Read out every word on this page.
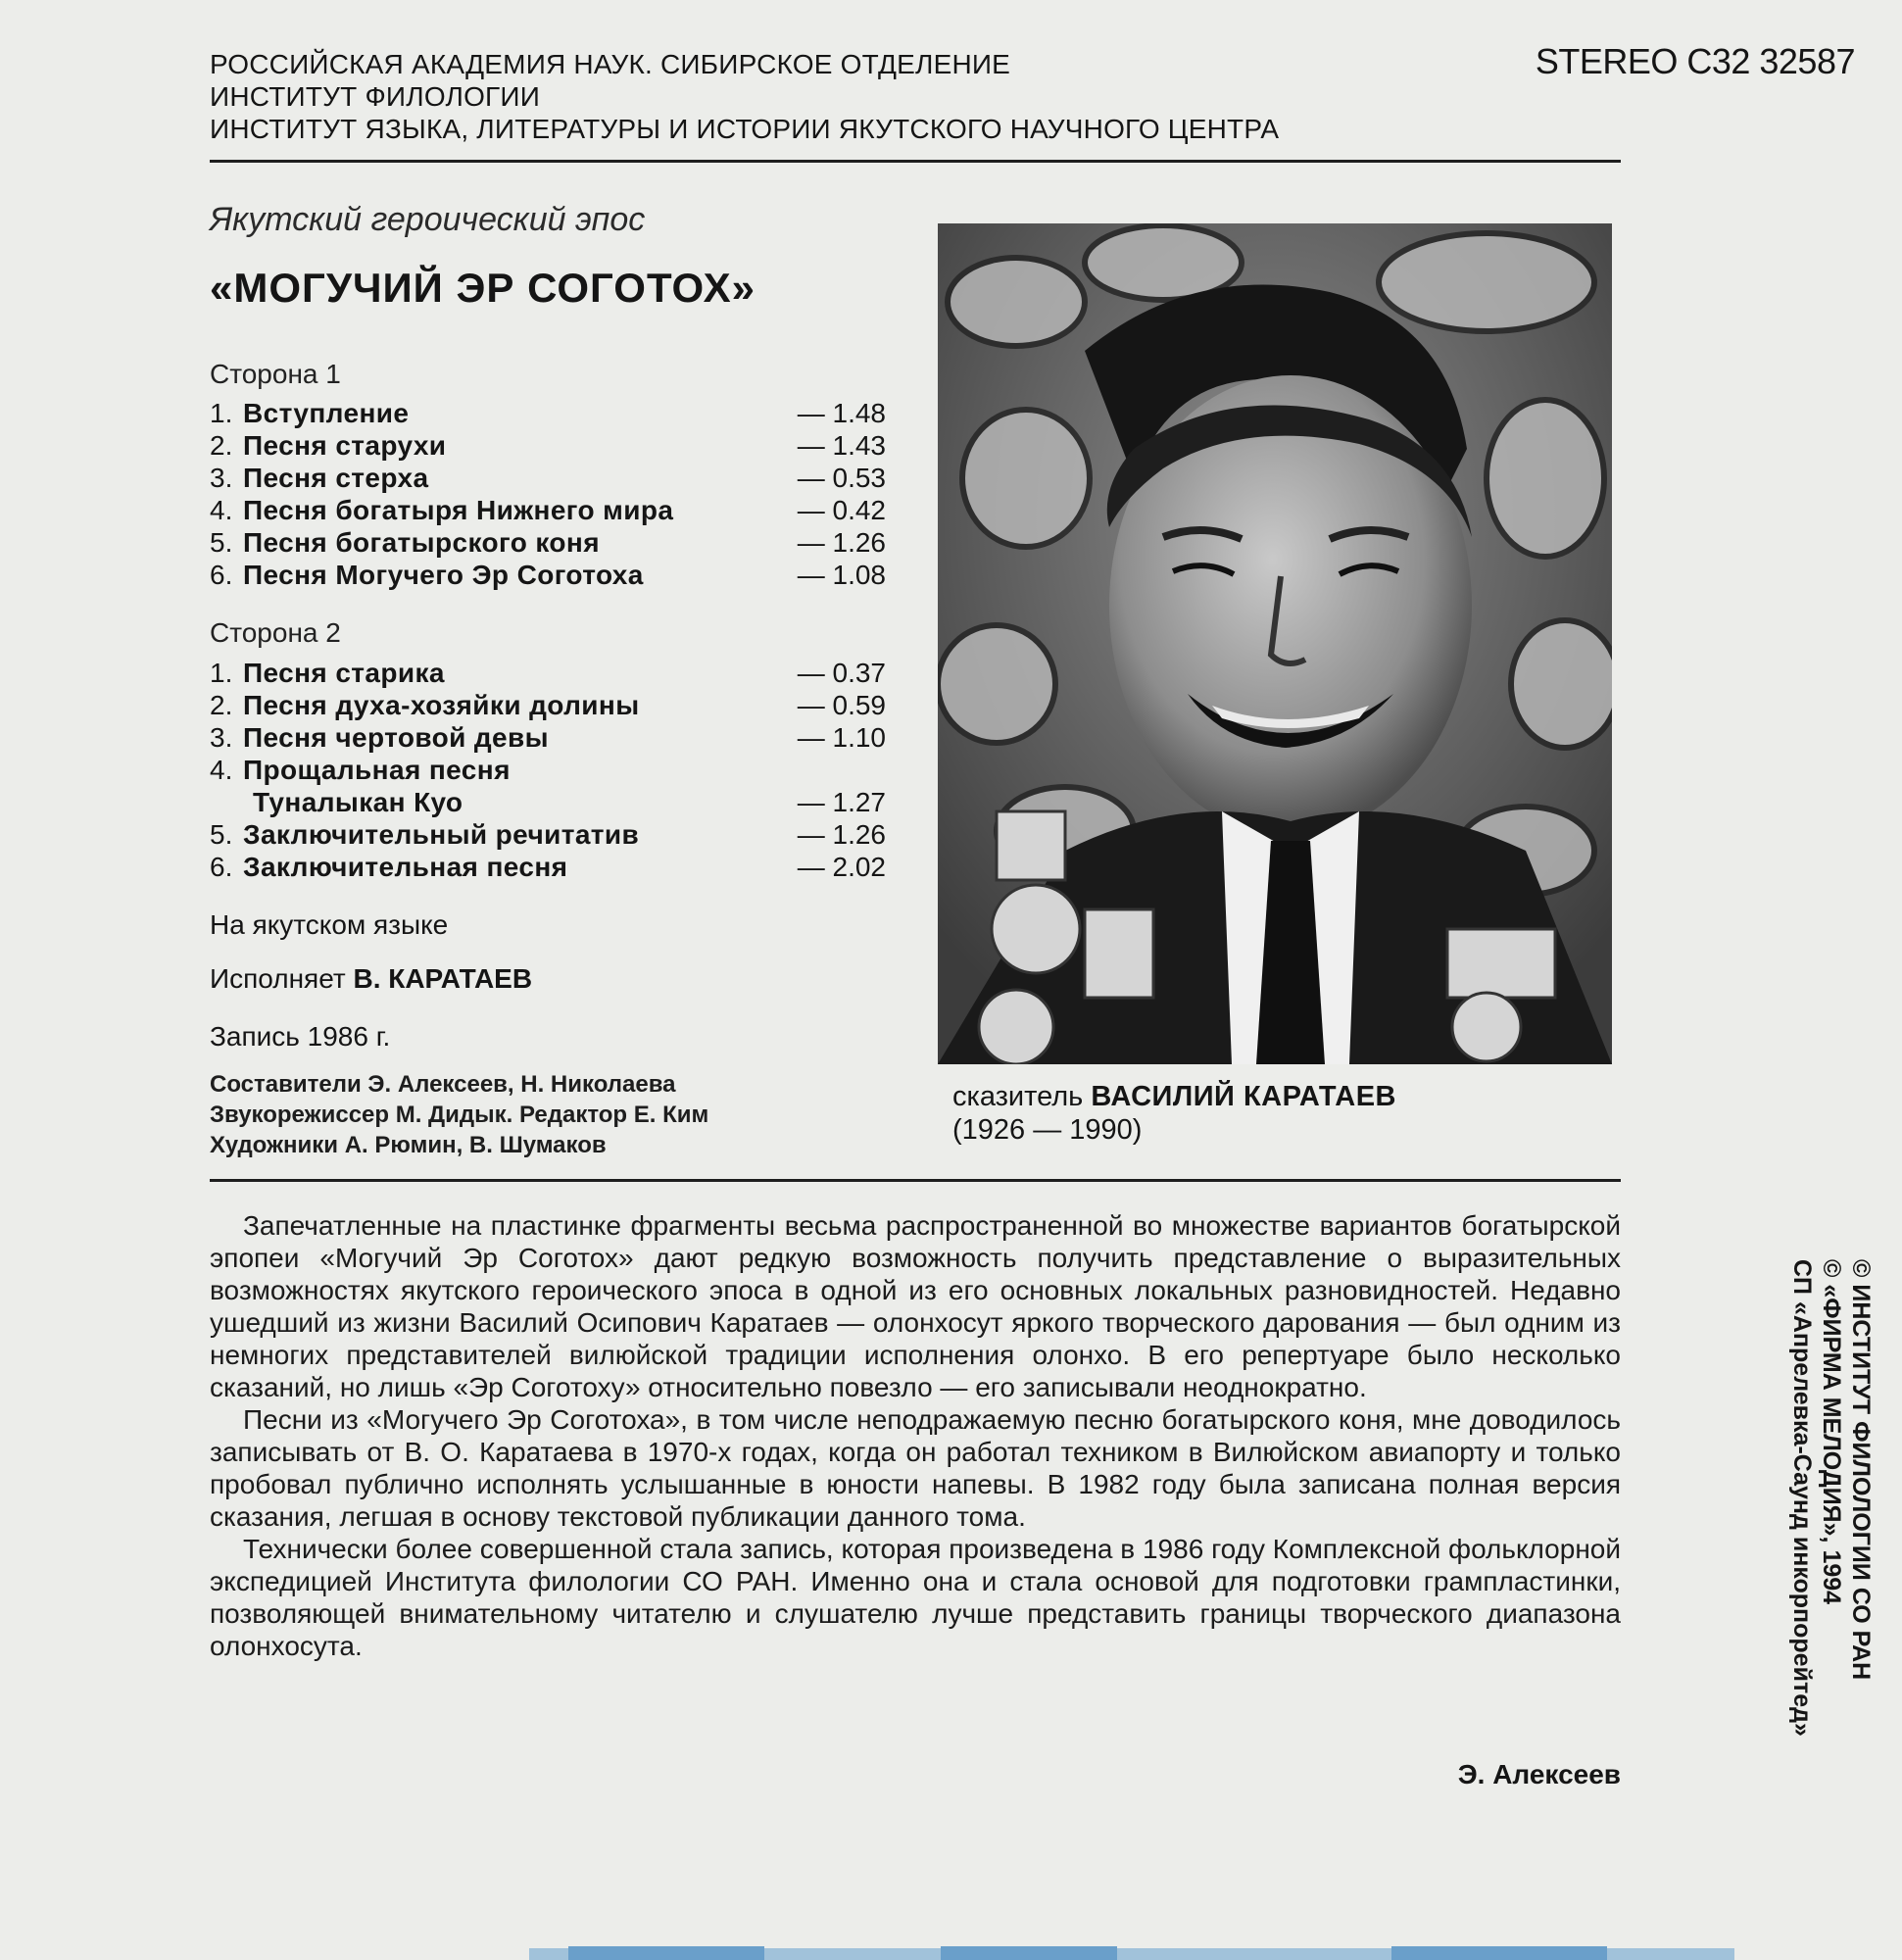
РОССИЙСКАЯ АКАДЕМИЯ НАУК. СИБИРСКОЕ ОТДЕЛЕНИЕ
ИНСТИТУТ ФИЛОЛОГИИ
ИНСТИТУТ ЯЗЫКА, ЛИТЕРАТУРЫ И ИСТОРИИ ЯКУТСКОГО НАУЧНОГО ЦЕНТРА
STEREO C32 32587
Якутский героический эпос
«МОГУЧИЙ ЭР СОГОТОХ»
Сторона 1
1. Вступление	— 1.48
2. Песня старухи	— 1.43
3. Песня стерха	— 0.53
4. Песня богатыря Нижнего мира	— 0.42
5. Песня богатырского коня	— 1.26
6. Песня Могучего Эр Соготоха	— 1.08
Сторона 2
1. Песня старика	— 0.37
2. Песня духа-хозяйки долины	— 0.59
3. Песня чертовой девы	— 1.10
4. Прощальная песня
Туналыкан Куо	— 1.27
5. Заключительный речитатив	— 1.26
6. Заключительная песня	— 2.02
На якутском языке
Исполняет В. КАРАТАЕВ
Запись 1986 г.
Составители Э. Алексеев, Н. Николаева
Звукорежиссер М. Дидык. Редактор Е. Ким
Художники А. Рюмин, В. Шумаков
сказитель ВАСИЛИЙ КАРАТАЕВ
(1926 — 1990)

Запечатленные на пластинке фрагменты весьма распространенной во множестве вариантов богатырской эпопеи «Могучий Эр Соготох» дают редкую возможность получить представление о выразительных возможностях якутского героического эпоса в одной из его основных локальных разновидностей. Недавно ушедший из жизни Василий Осипович Каратаев — олонхосут яркого творческого дарования — был одним из немногих представителей вилюйской традиции исполнения олонхо. В его репертуаре было несколько сказаний, но лишь «Эр Соготоху» относительно повезло — его записывали неоднократно.

Песни из «Могучего Эр Соготоха», в том числе неподражаемую песню богатырского коня, мне доводилось записывать от В. О. Каратаева в 1970-х годах, когда он работал техником в Вилюйском авиапорту и только пробовал публично исполнять услышанные в юности напевы. В 1982 году была записана полная версия сказания, легшая в основу текстовой публикации данного тома.

Технически более совершенной стала запись, которая произведена в 1986 году Комплексной фольклорной экспедицией Института филологии СО РАН. Именно она и стала основой для подготовки грампластинки, позволяющей внимательному читателю и слушателю лучше представить границы творческого диапазона олонхосута.

Э. Алексеев
© ИНСТИТУТ ФИЛОЛОГИИ СО РАН
© «ФИРМА МЕЛОДИЯ», 1994
СП «Апрелевка-Саунд инкорпорейтед»
